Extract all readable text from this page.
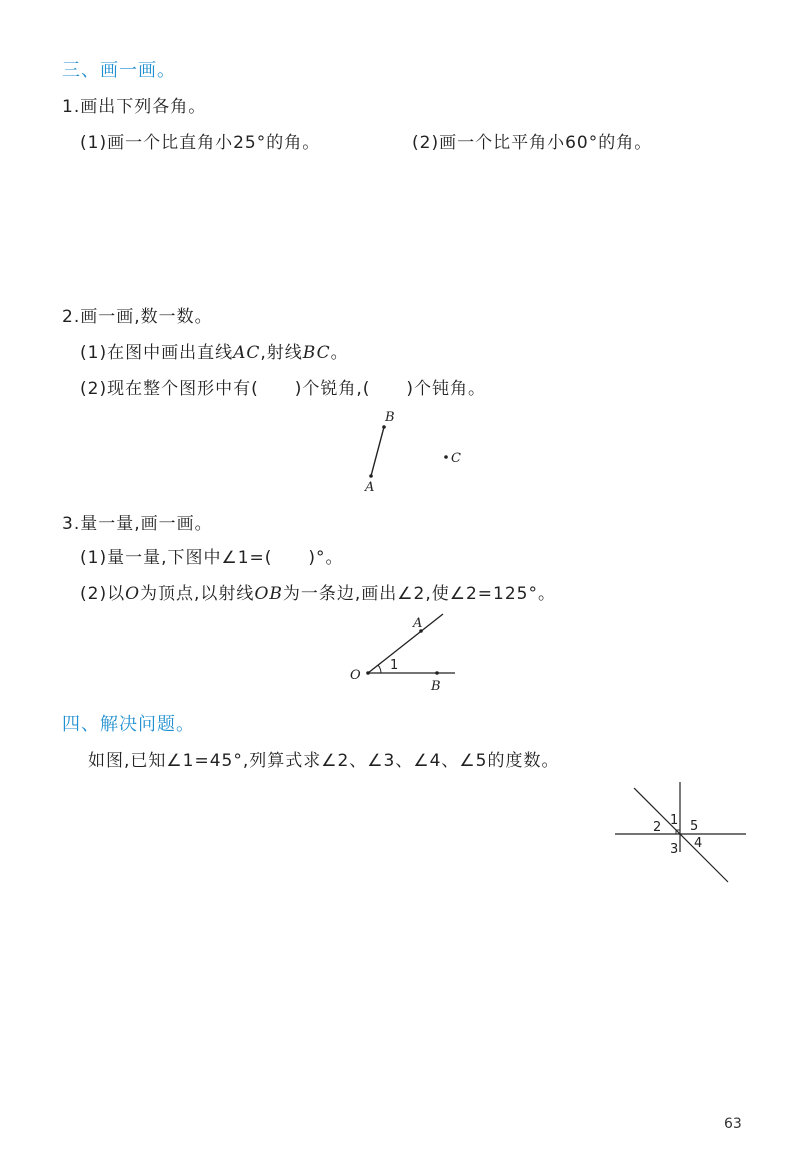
三、画一画。
1.画出下列各角。
(1)画一个比直角小25°的角。	(2)画一个比平角小60°的角。
2.画一画,数一数。
(1)在图中画出直线AC,射线BC。
(2)现在整个图形中有(　　)个锐角,(　　)个钝角。
B
A
C
3.量一量,画一画。
(1)量一量,下图中∠1=(　　)°。
(2)以O为顶点,以射线OB为一条边,画出∠2,使∠2=125°。
O
A
B
1
四、解决问题。
如图,已知∠1=45°,列算式求∠2、∠3、∠4、∠5的度数。
1
2
3 4
5
63
